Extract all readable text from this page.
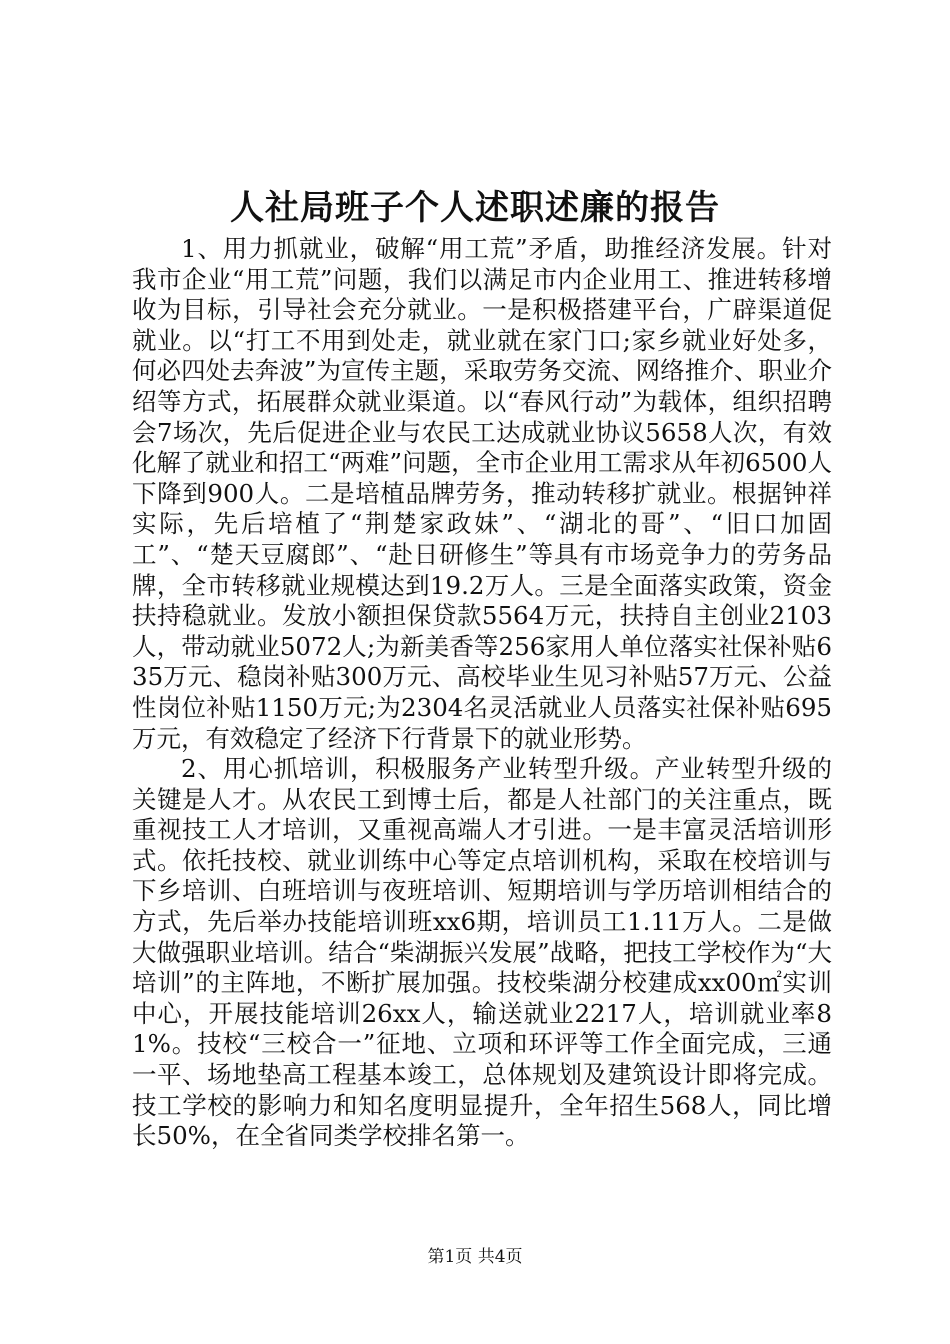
人社局班子个人述职述廉的报告

1、用力抓就业，破解“用工荒”矛盾，助推经济发展。针对我市企业“用工荒”问题，我们以满足市内企业用工、推进转移增收为目标，引导社会充分就业。一是积极搭建平台，广辟渠道促就业。以“打工不用到处走，就业就在家门口;家乡就业好处多，何必四处去奔波”为宣传主题，采取劳务交流、网络推介、职业介绍等方式，拓展群众就业渠道。以“春风行动”为载体，组织招聘会7场次，先后促进企业与农民工达成就业协议5658人次，有效化解了就业和招工“两难”问题，全市企业用工需求从年初6500人下降到900人。二是培植品牌劳务，推动转移扩就业。根据钟祥实际，先后培植了“荆楚家政妹”、“湖北的哥”、“旧口加固工”、“楚天豆腐郎”、“赴日研修生”等具有市场竞争力的劳务品牌，全市转移就业规模达到19.2万人。三是全面落实政策，资金扶持稳就业。发放小额担保贷款5564万元，扶持自主创业2103人，带动就业5072人;为新美香等256家用人单位落实社保补贴635万元、稳岗补贴300万元、高校毕业生见习补贴57万元、公益性岗位补贴1150万元;为2304名灵活就业人员落实社保补贴695万元，有效稳定了经济下行背景下的就业形势。

2、用心抓培训，积极服务产业转型升级。产业转型升级的关键是人才。从农民工到博士后，都是人社部门的关注重点，既重视技工人才培训，又重视高端人才引进。一是丰富灵活培训形式。依托技校、就业训练中心等定点培训机构，采取在校培训与下乡培训、白班培训与夜班培训、短期培训与学历培训相结合的方式，先后举办技能培训班xx6期，培训员工1.11万人。二是做大做强职业培训。结合“柴湖振兴发展”战略，把技工学校作为“大培训”的主阵地，不断扩展加强。技校柴湖分校建成xx00㎡实训中心，开展技能培训26xx人，输送就业2217人，培训就业率81%。技校“三校合一”征地、立项和环评等工作全面完成，三通一平、场地垫高工程基本竣工，总体规划及建筑设计即将完成。技工学校的影响力和知名度明显提升，全年招生568人，同比增长50%，在全省同类学校排名第一。

第1页 共4页
